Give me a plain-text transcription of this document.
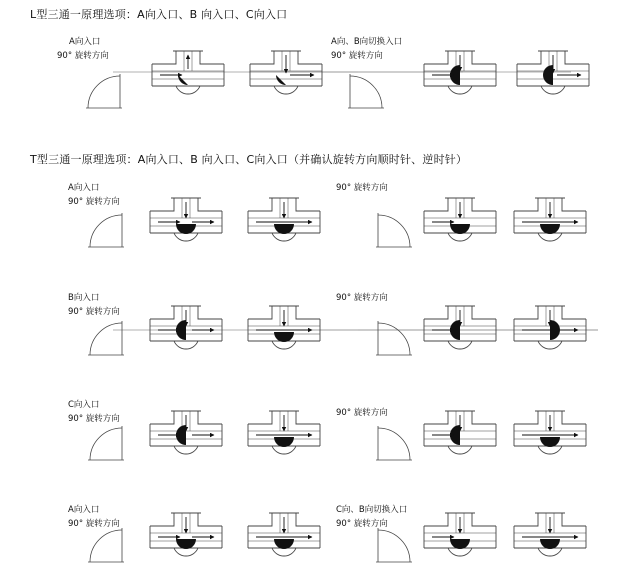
L型三通一原理选项：A向入口、B 向入口、C向入口
T型三通一原理选项：A向入口、B 向入口、C向入口（并确认旋转方向顺时针、逆时针）
A向入口
90° 旋转方向
A向、B向切换入口
90° 旋转方向
A向入口
90° 旋转方向
90° 旋转方向
B向入口
90° 旋转方向
90° 旋转方向
C向入口
90° 旋转方向
90° 旋转方向
A向入口
90° 旋转方向
C向、B向切换入口
90° 旋转方向
